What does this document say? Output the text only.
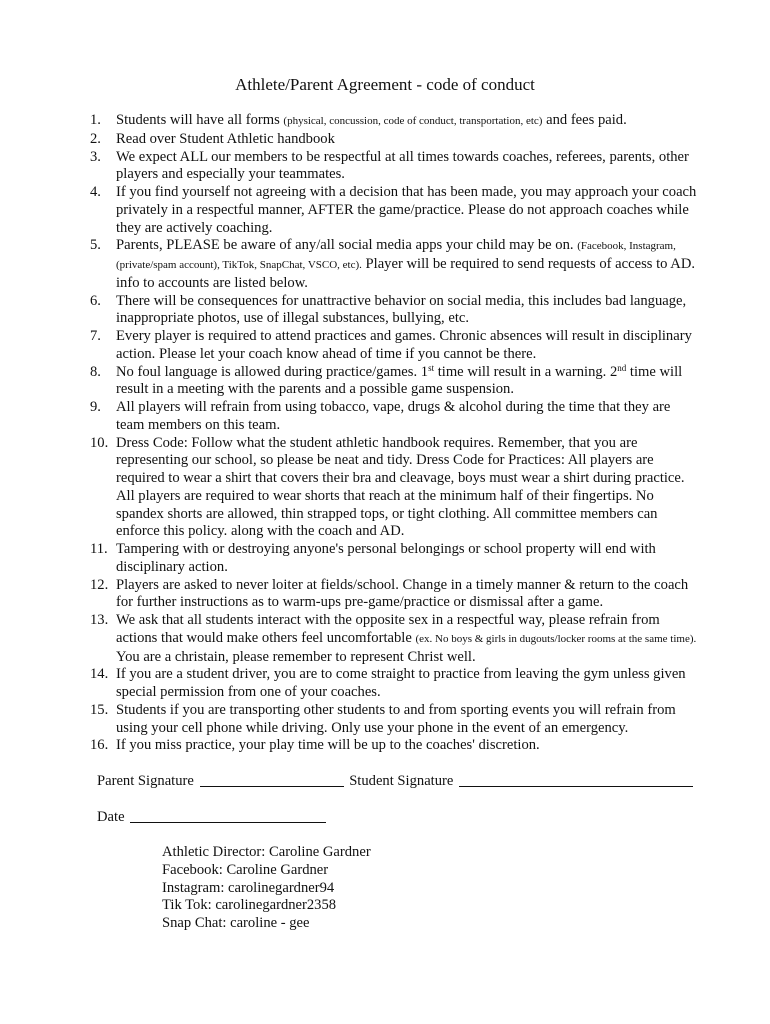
Athlete/Parent Agreement - code of conduct
1. Students will have all forms (physical, concussion, code of conduct, transportation, etc) and fees paid.
2. Read over Student Athletic handbook
3. We expect ALL our members to be respectful at all times towards coaches, referees, parents, other players and especially your teammates.
4. If you find yourself not agreeing with a decision that has been made, you may approach your coach privately in a respectful manner, AFTER the game/practice. Please do not approach coaches while they are actively coaching.
5. Parents, PLEASE be aware of any/all social media apps your child may be on. (Facebook, Instagram, (private/spam account), TikTok, SnapChat, VSCO, etc). Player will be required to send requests of access to AD. info to accounts are listed below.
6. There will be consequences for unattractive behavior on social media, this includes bad language, inappropriate photos, use of illegal substances, bullying, etc.
7. Every player is required to attend practices and games. Chronic absences will result in disciplinary action. Please let your coach know ahead of time if you cannot be there.
8. No foul language is allowed during practice/games. 1st time will result in a warning. 2nd time will result in a meeting with the parents and a possible game suspension.
9. All players will refrain from using tobacco, vape, drugs & alcohol during the time that they are team members on this team.
10. Dress Code: Follow what the student athletic handbook requires. Remember, that you are representing our school, so please be neat and tidy. Dress Code for Practices: All players are required to wear a shirt that covers their bra and cleavage, boys must wear a shirt during practice. All players are required to wear shorts that reach at the minimum half of their fingertips. No spandex shorts are allowed, thin strapped tops, or tight clothing. All committee members can enforce this policy. along with the coach and AD.
11. Tampering with or destroying anyone's personal belongings or school property will end with disciplinary action.
12. Players are asked to never loiter at fields/school. Change in a timely manner & return to the coach for further instructions as to warm-ups pre-game/practice or dismissal after a game.
13. We ask that all students interact with the opposite sex in a respectful way, please refrain from actions that would make others feel uncomfortable (ex. No boys & girls in dugouts/locker rooms at the same time). You are a christain, please remember to represent Christ well.
14. If you are a student driver, you are to come straight to practice from leaving the gym unless given special permission from one of your coaches.
15. Students if you are transporting other students to and from sporting events you will refrain from using your cell phone while driving. Only use your phone in the event of an emergency.
16. If you miss practice, your play time will be up to the coaches' discretion.
Parent Signature	Student Signature
Date
Athletic Director: Caroline Gardner
Facebook: Caroline Gardner
Instagram: carolinegardner94
Tik Tok: carolinegardner2358
Snap Chat: caroline - gee
